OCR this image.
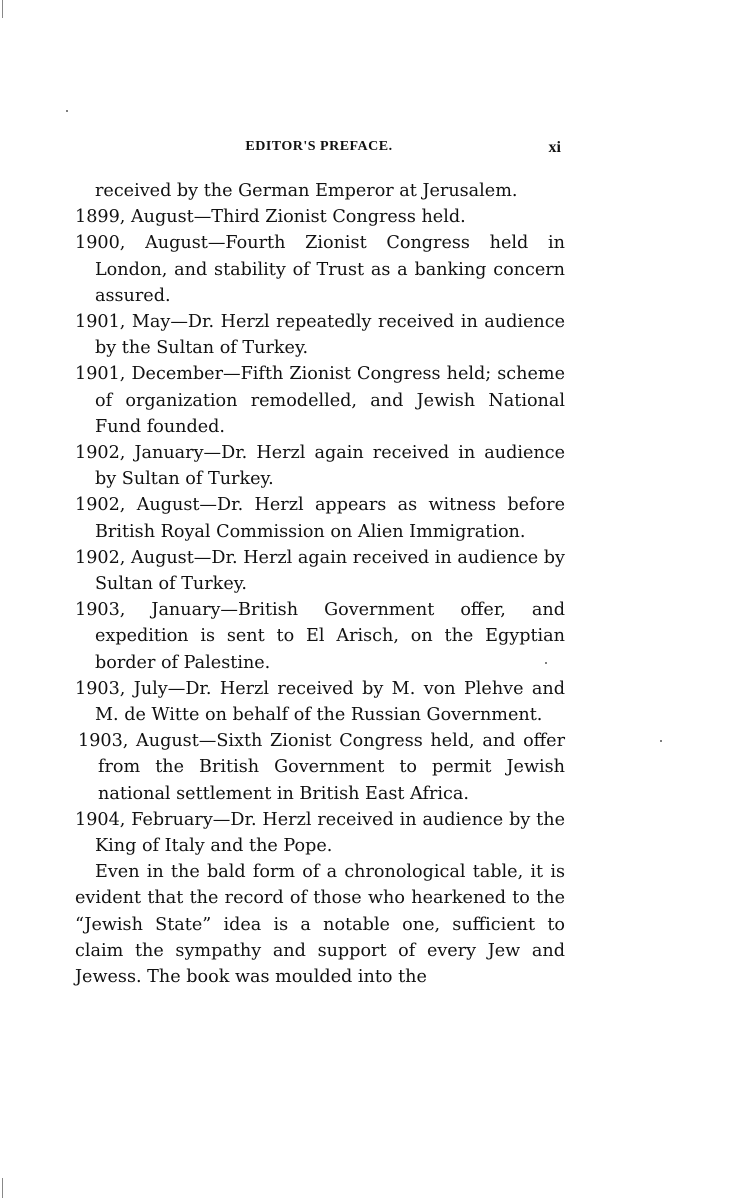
EDITOR'S PREFACE.	xi

received by the German Emperor at Jerusalem.

1899, August—Third Zionist Congress held.

1900, August—Fourth Zionist Congress held in London, and stability of Trust as a banking concern assured.

1901, May—Dr. Herzl repeatedly received in audience by the Sultan of Turkey.

1901, December—Fifth Zionist Congress held; scheme of organization remodelled, and Jewish National Fund founded.

1902, January—Dr. Herzl again received in audience by Sultan of Turkey.

1902, August—Dr. Herzl appears as witness before British Royal Commission on Alien Immigration.

1902, August—Dr. Herzl again received in audience by Sultan of Turkey.

1903, January—British Government offer, and expedition is sent to El Arisch, on the Egyptian border of Palestine.

1903, July—Dr. Herzl received by M. von Plehve and M. de Witte on behalf of the Russian Government.

1903, August—Sixth Zionist Congress held, and offer from the British Government to permit Jewish national settlement in British East Africa.

1904, February—Dr. Herzl received in audience by the King of Italy and the Pope.

Even in the bald form of a chronological table, it is evident that the record of those who hearkened to the “Jewish State” idea is a notable one, sufficient to claim the sympathy and support of every Jew and Jewess. The book was moulded into the
